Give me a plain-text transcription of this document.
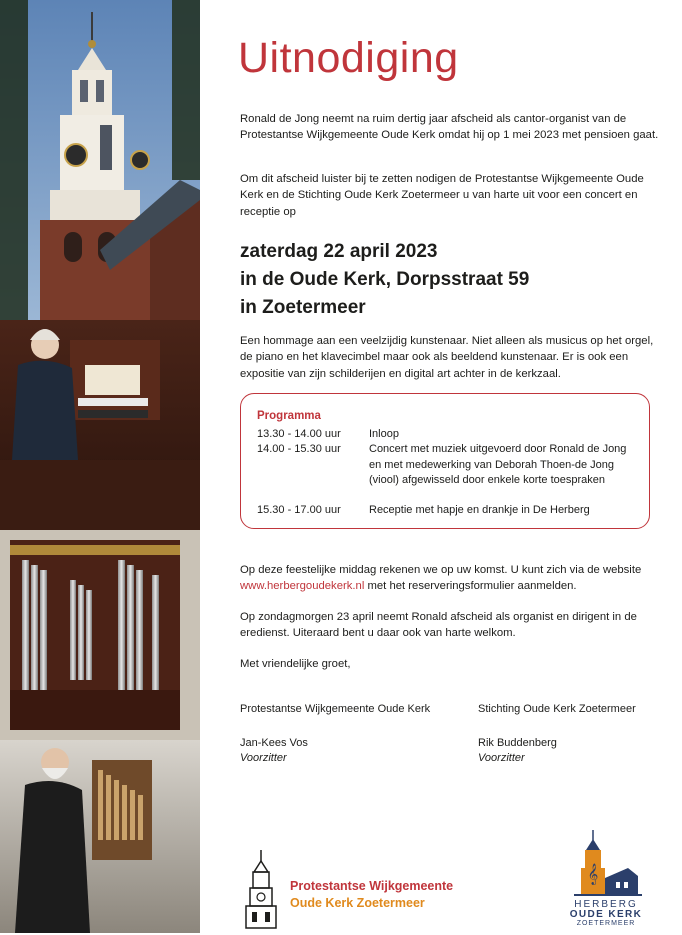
Uitnodiging

Ronald de Jong neemt na ruim dertig jaar afscheid als cantor-organist van de Protestantse Wijkgemeente Oude Kerk omdat hij op 1 mei 2023 met pensioen gaat.

Om dit afscheid luister bij te zetten nodigen de Protestantse Wijkgemeente Oude Kerk en de Stichting Oude Kerk Zoetermeer u van harte uit voor een concert en receptie op

zaterdag 22 april 2023
in de Oude Kerk, Dorpsstraat 59
in Zoetermeer

Een hommage aan een veelzijdig kunstenaar. Niet alleen als musicus op het orgel, de piano en het klavecimbel maar ook als beeldend kunstenaar. Er is ook een expositie van zijn schilderijen en digital art achter in de kerkzaal.

Programma
13.30 - 14.00 uur	Inloop
14.00 - 15.30 uur	Concert met muziek uitgevoerd door Ronald de Jong en met medewerking van Deborah Thoen-de Jong (viool) afgewisseld door enkele korte toespraken
15.30 - 17.00 uur	Receptie met hapje en drankje in De Herberg

Op deze feestelijke middag rekenen we op uw komst. U kunt zich via de website www.herbergoudekerk.nl met het reserveringsformulier aanmelden.

Op zondagmorgen 23 april neemt Ronald afscheid als organist en dirigent in de eredienst. Uiteraard bent u daar ook van harte welkom.

Met vriendelijke groet,

Protestantse Wijkgemeente Oude Kerk
Jan-Kees Vos
Voorzitter
Stichting Oude Kerk Zoetermeer
Rik Buddenberg
Voorzitter
Protestantse Wijkgemeente
Oude Kerk Zoetermeer
𝄞
HERBERG
OUDE KERK
ZOETERMEER
